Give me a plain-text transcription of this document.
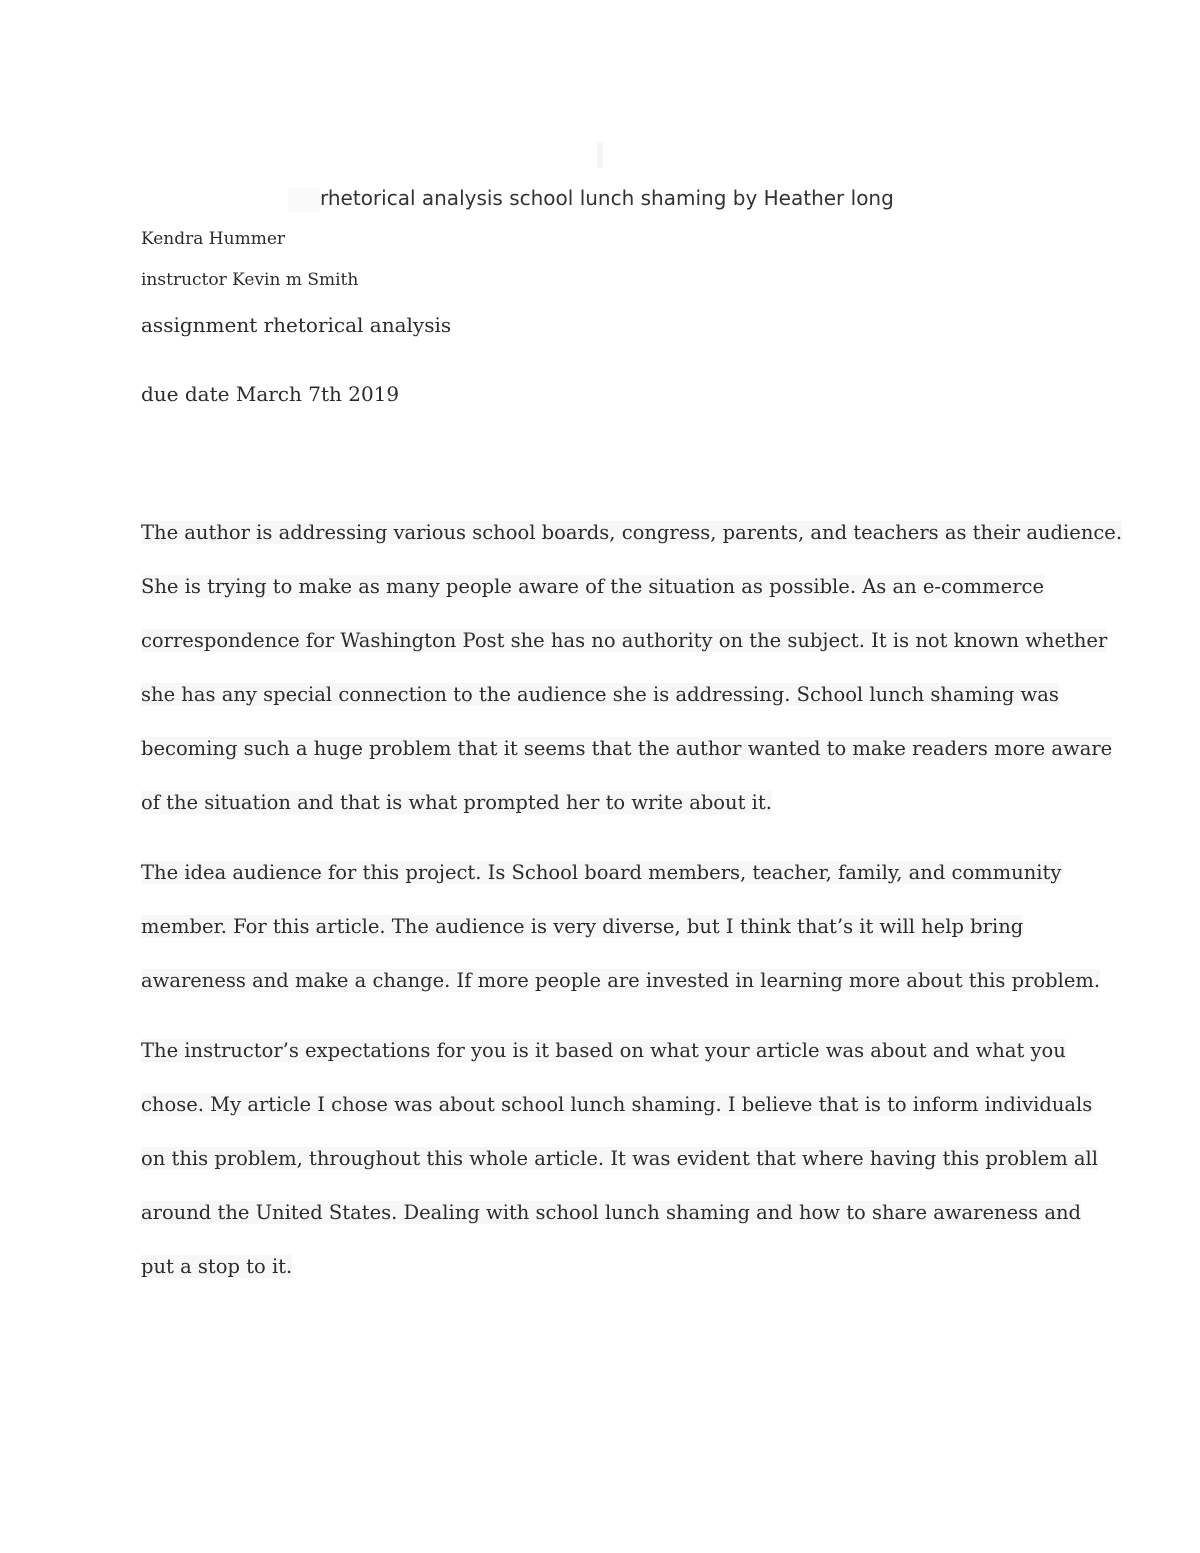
rhetorical analysis school lunch shaming by Heather long
Kendra Hummer
instructor Kevin m Smith
assignment rhetorical analysis
due date March 7th 2019
The author is addressing various school boards, congress, parents, and teachers as their audience.
She is trying to make as many people aware of the situation as possible. As an e-commerce
correspondence for Washington Post she has no authority on the subject. It is not known whether
she has any special connection to the audience she is addressing. School lunch shaming was
becoming such a huge problem that it seems that the author wanted to make readers more aware
of the situation and that is what prompted her to write about it.
The idea audience for this project. Is School board members, teacher, family, and community
member. For this article. The audience is very diverse, but I think that’s it will help bring
awareness and make a change. If more people are invested in learning more about this problem.
The instructor’s expectations for you is it based on what your article was about and what you
chose. My article I chose was about school lunch shaming. I believe that is to inform individuals
on this problem, throughout this whole article. It was evident that where having this problem all
around the United States. Dealing with school lunch shaming and how to share awareness and
put a stop to it.
